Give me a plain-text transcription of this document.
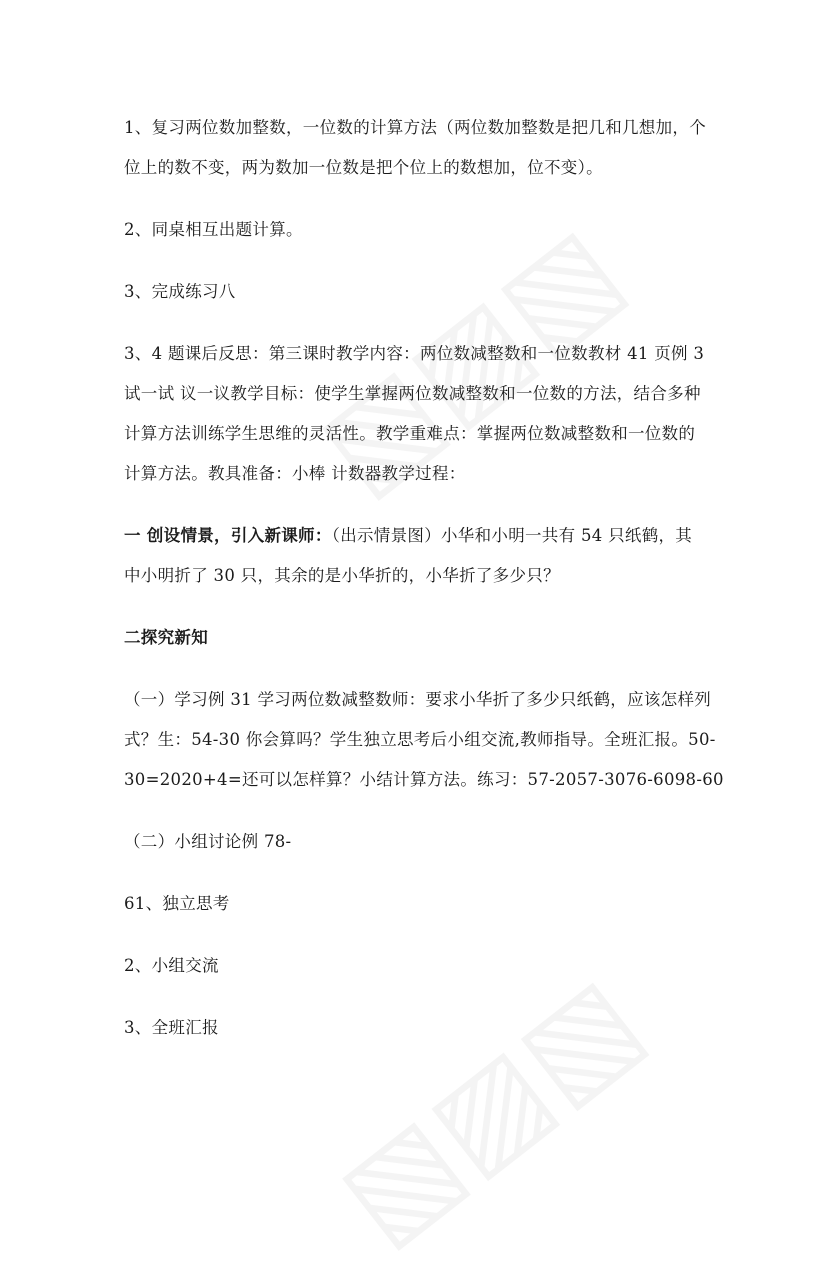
1、复习两位数加整数，一位数的计算方法（两位数加整数是把几和几想加，个
位上的数不变，两为数加一位数是把个位上的数想加，位不变）。

2、同桌相互出题计算。

3、完成练习八

3、4 题课后反思：第三课时教学内容：两位数减整数和一位数教材 41 页例 3
试一试 议一议教学目标：使学生掌握两位数减整数和一位数的方法，结合多种
计算方法训练学生思维的灵活性。教学重难点：掌握两位数减整数和一位数的
计算方法。教具准备：小棒 计数器教学过程：

一 创设情景，引入新课师：（出示情景图）小华和小明一共有 54 只纸鹤，其
中小明折了 30 只，其余的是小华折的，小华折了多少只？

二探究新知

（一）学习例 31 学习两位数减整数师：要求小华折了多少只纸鹤，应该怎样列
式？生：54-30 你会算吗？学生独立思考后小组交流,教师指导。全班汇报。50-
30=2020+4=还可以怎样算？小结计算方法。练习：57-2057-3076-6098-60

（二）小组讨论例 78-

61、独立思考

2、小组交流

3、全班汇报
